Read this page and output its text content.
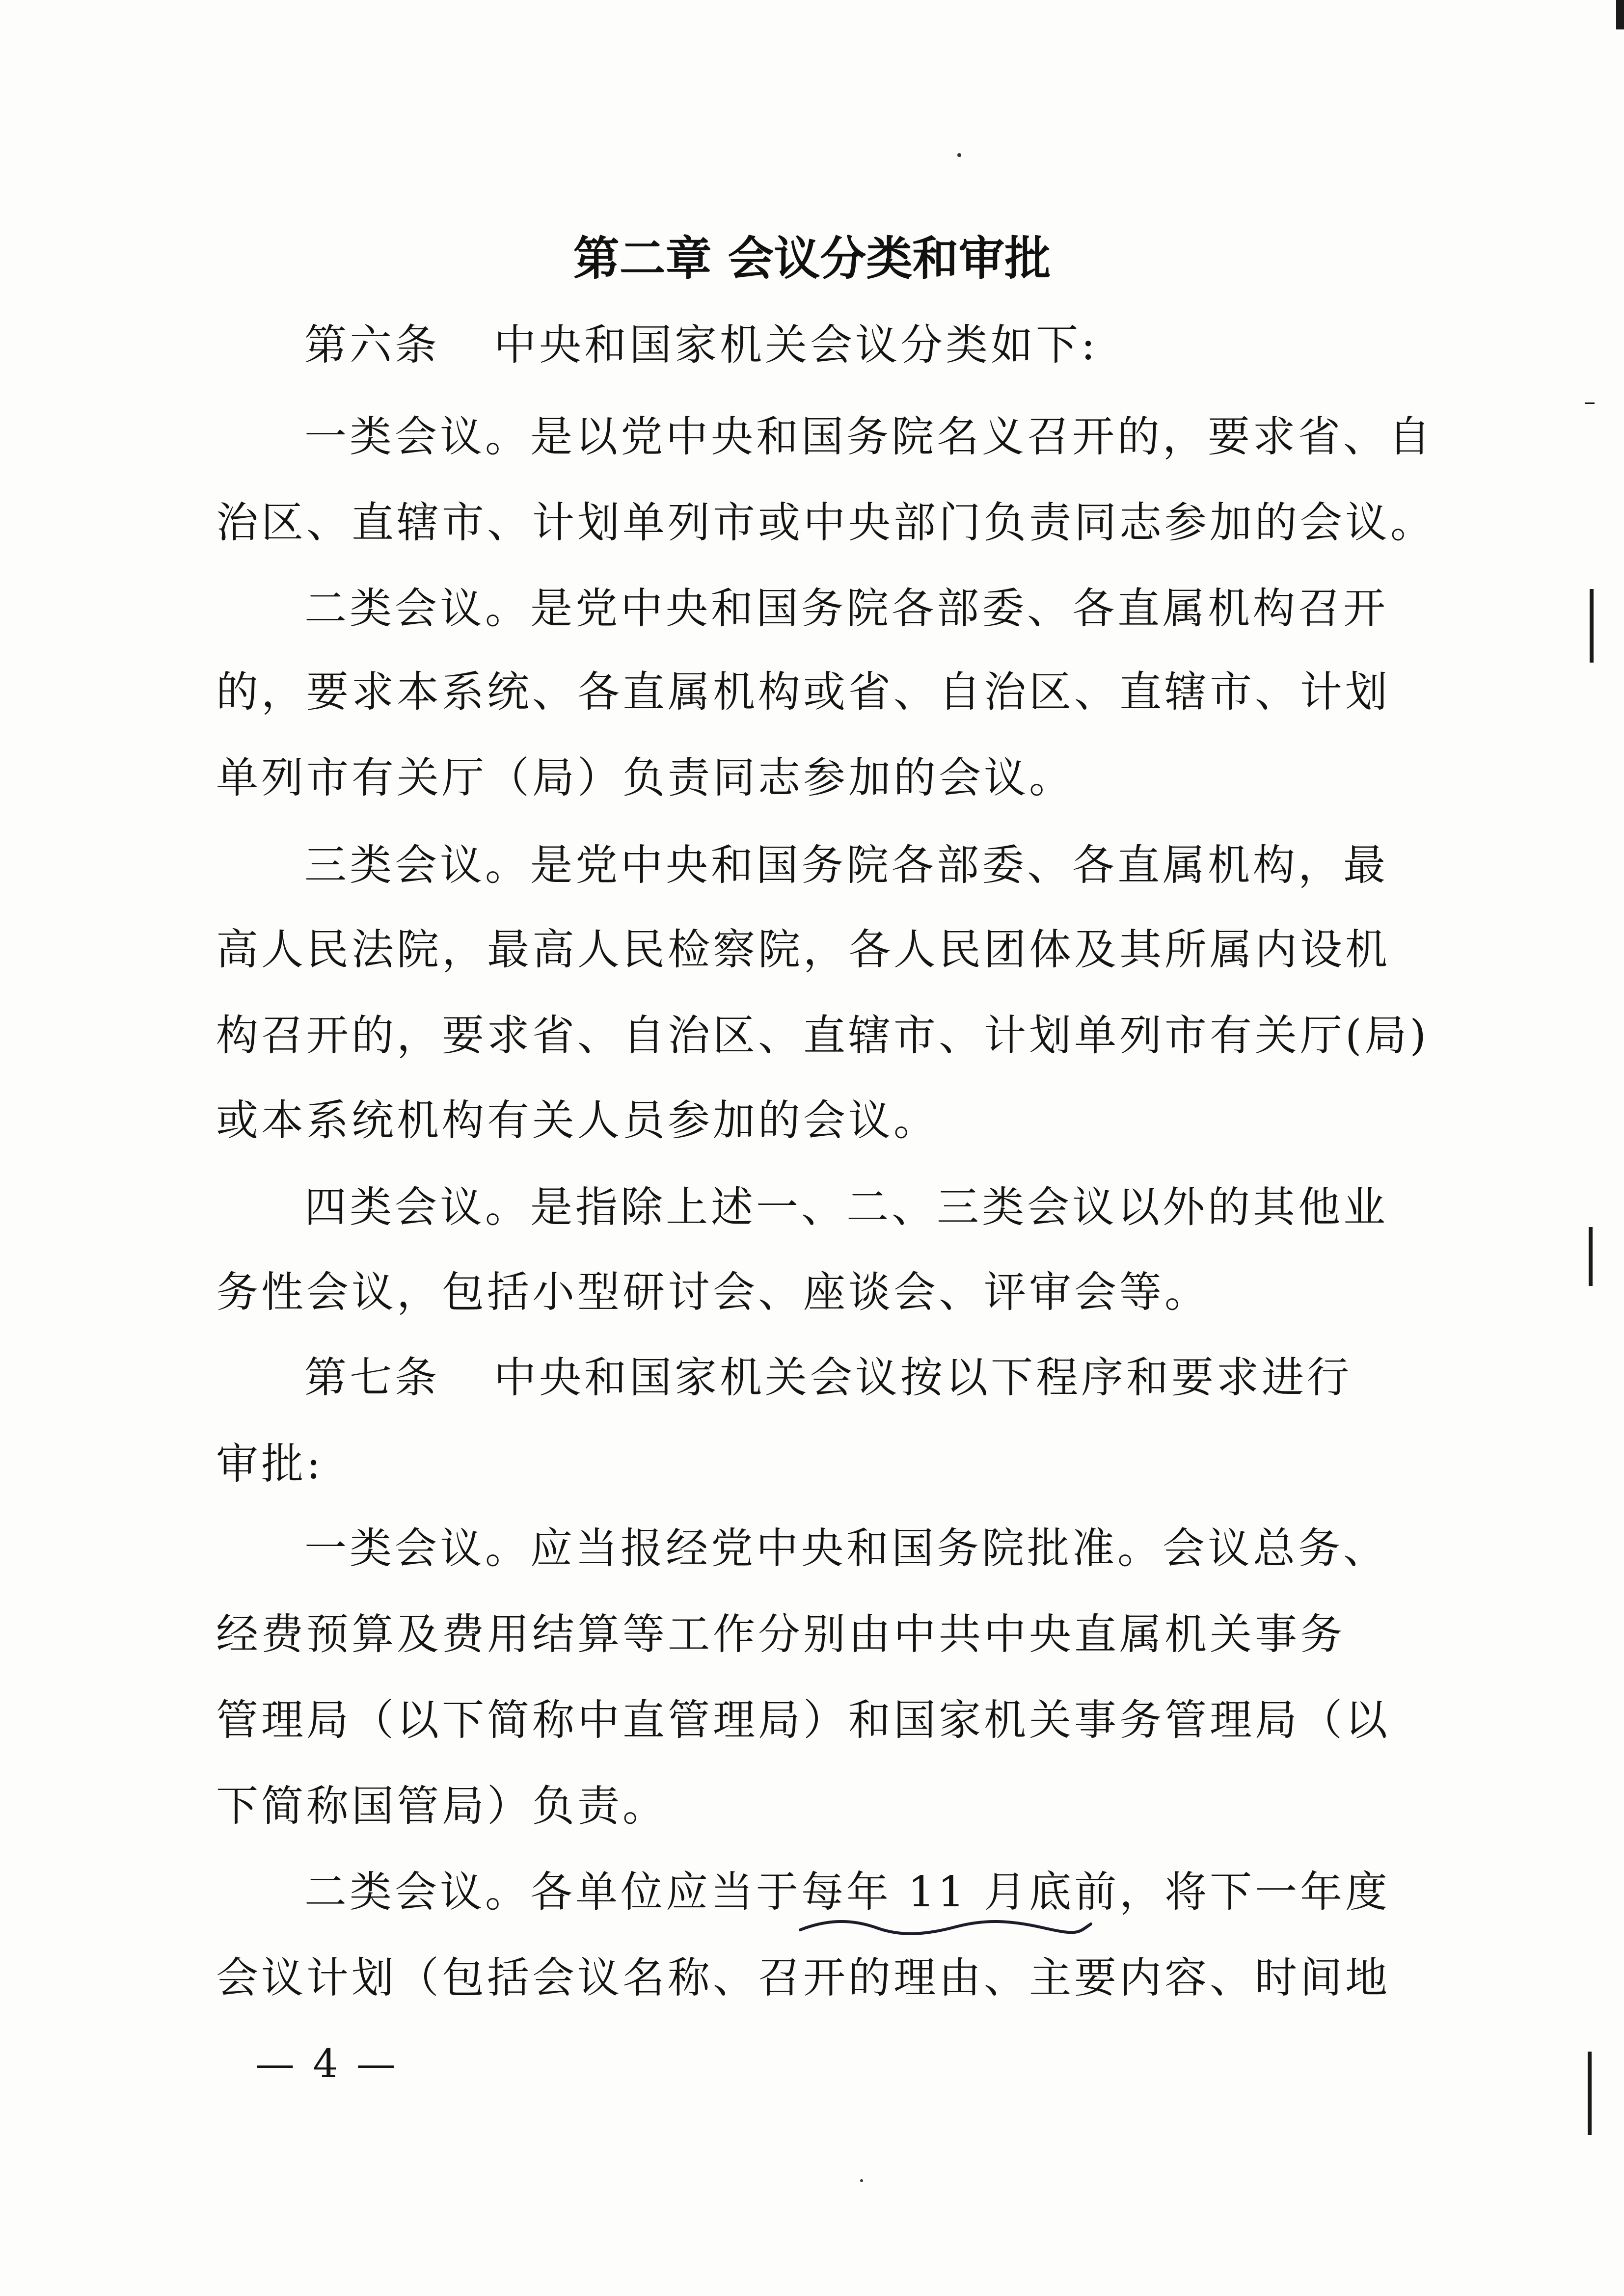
第二章 会议分类和审批
第六条 中央和国家机关会议分类如下:
一类会议。是以党中央和国务院名义召开的，要求省、自
治区、直辖市、计划单列市或中央部门负责同志参加的会议。
二类会议。是党中央和国务院各部委、各直属机构召开
的，要求本系统、各直属机构或省、自治区、直辖市、计划
单列市有关厅（局）负责同志参加的会议。
三类会议。是党中央和国务院各部委、各直属机构，最
高人民法院，最高人民检察院，各人民团体及其所属内设机
构召开的，要求省、自治区、直辖市、计划单列市有关厅(局)
或本系统机构有关人员参加的会议。
四类会议。是指除上述一、二、三类会议以外的其他业
务性会议，包括小型研讨会、座谈会、评审会等。
第七条 中央和国家机关会议按以下程序和要求进行
审批:
一类会议。应当报经党中央和国务院批准。会议总务、
经费预算及费用结算等工作分别由中共中央直属机关事务
管理局（以下简称中直管理局）和国家机关事务管理局（以
下简称国管局）负责。
二类会议。各单位应当于每年 11 月底前
，将下一年度
会议计划（包括会议名称、召开的理由、主要内容、时间地
— 4 —
